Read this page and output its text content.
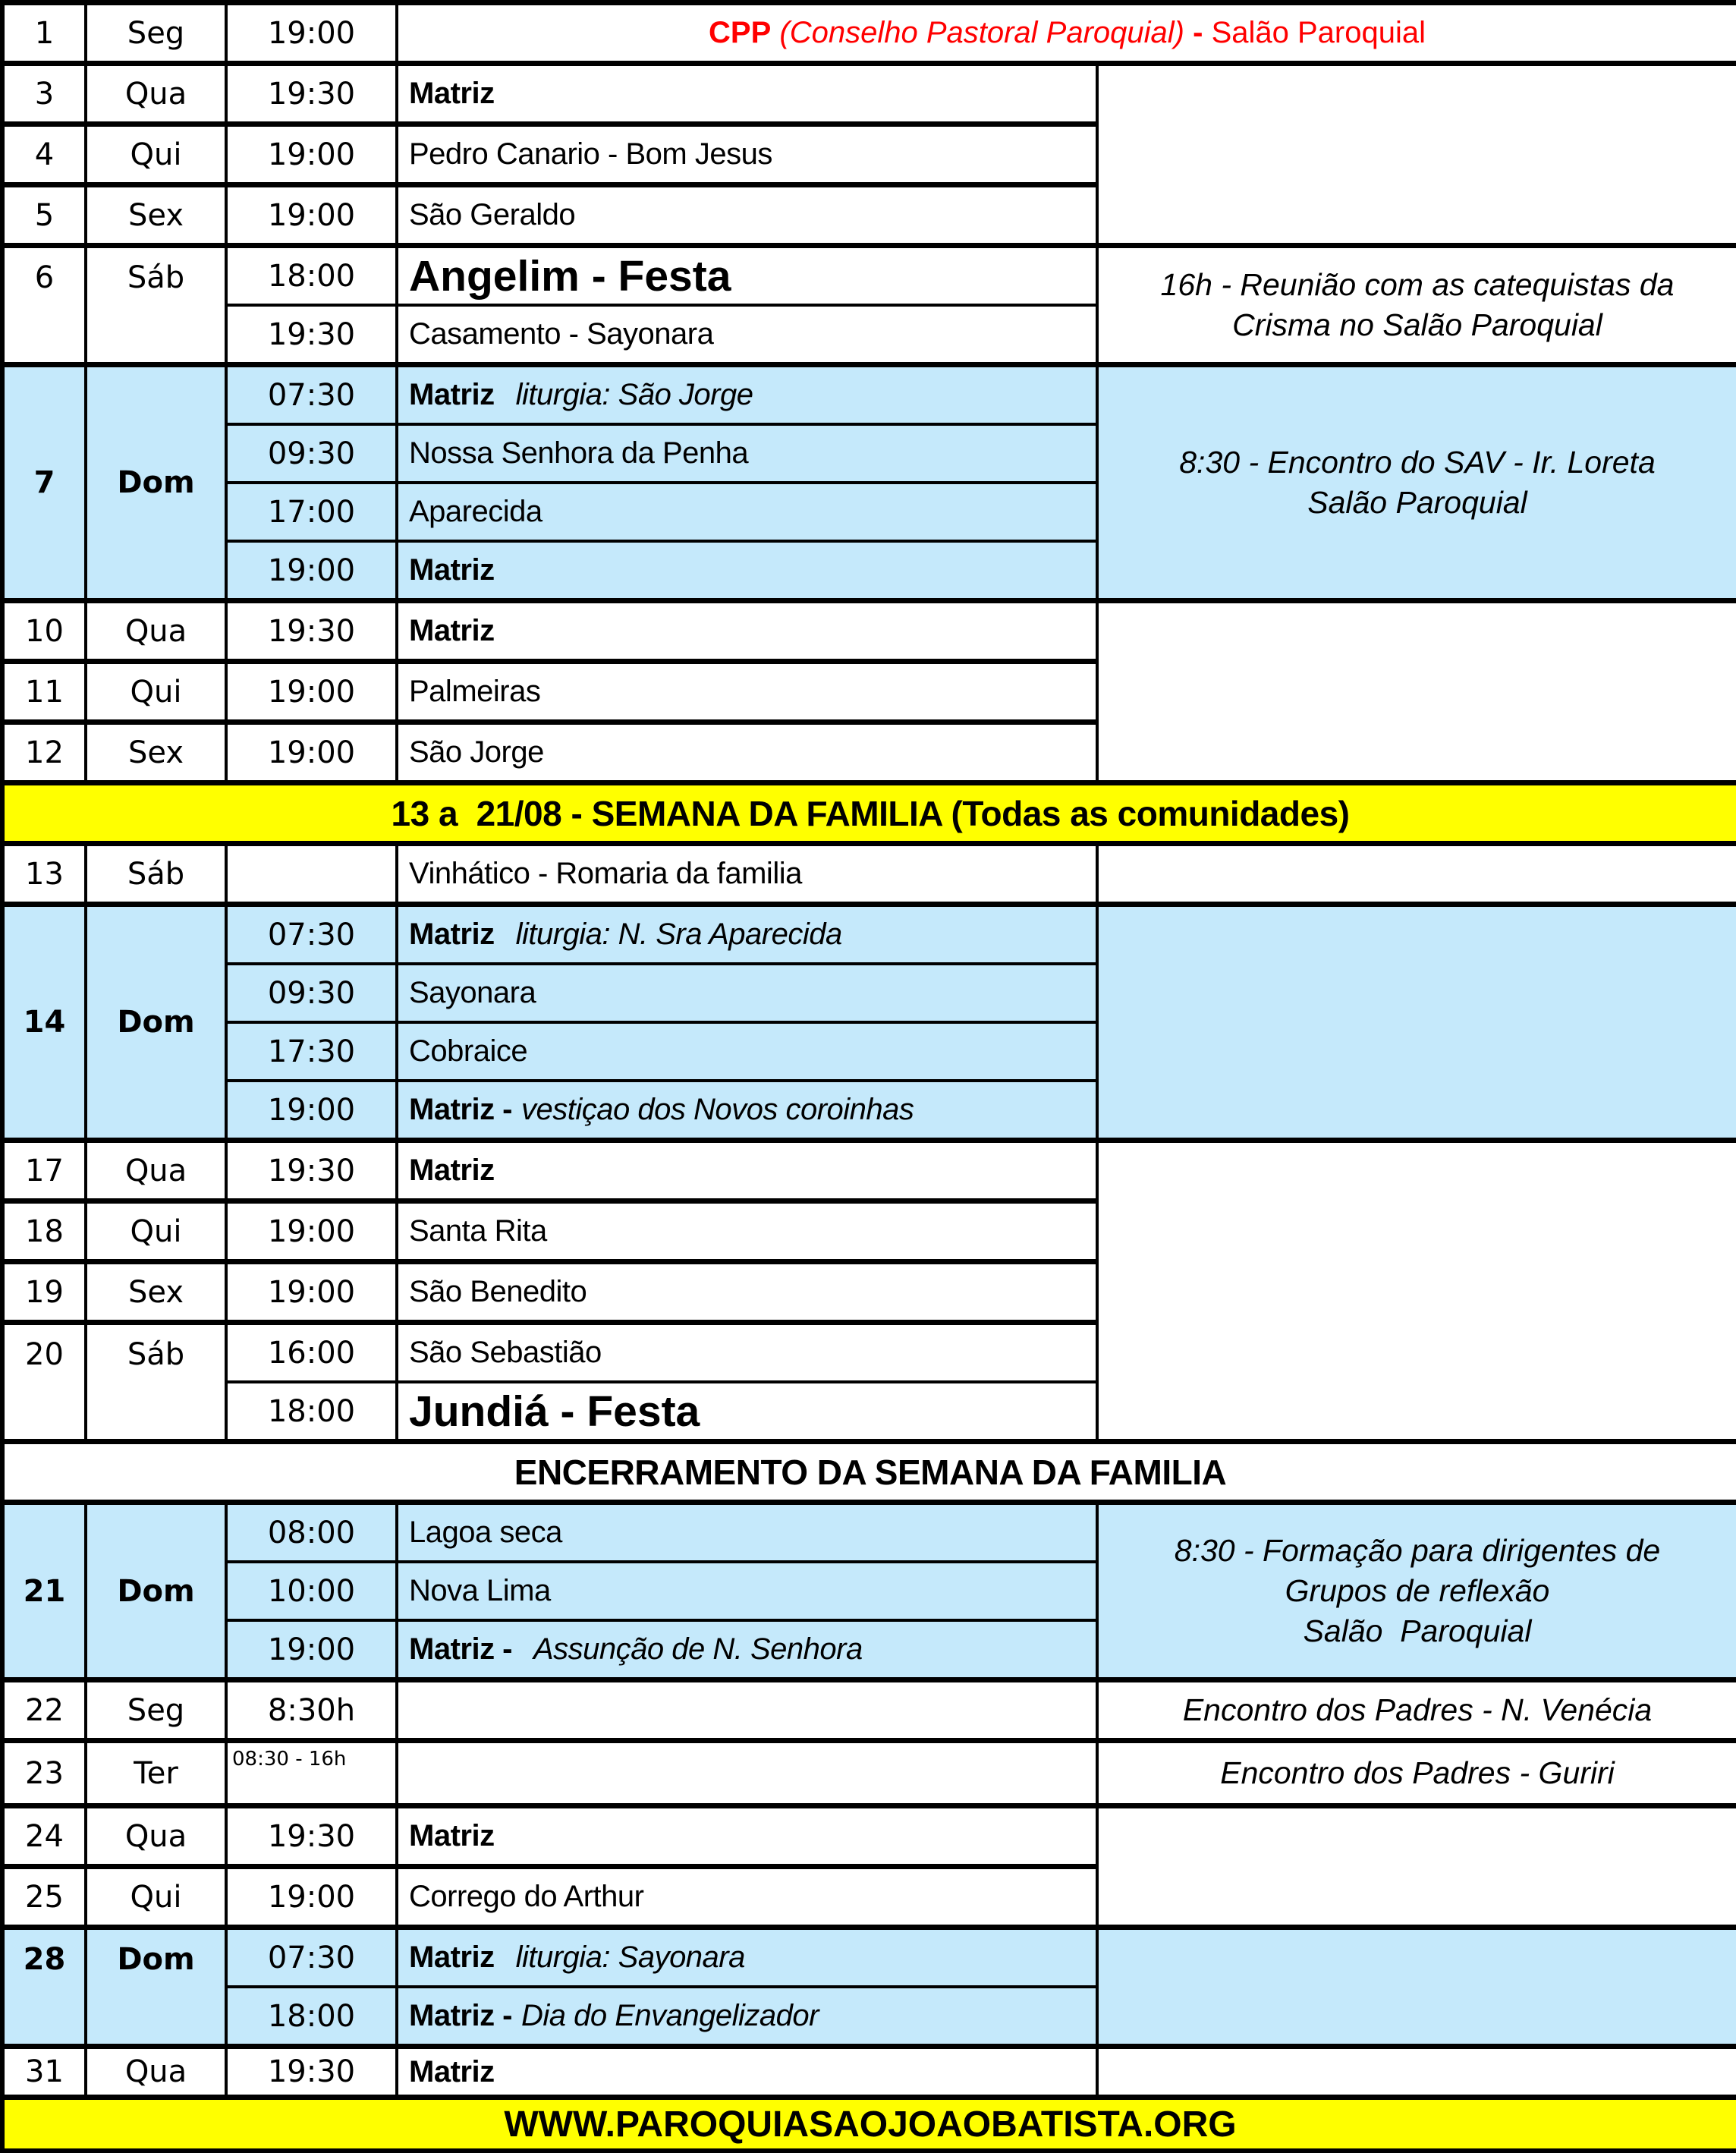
1	Seg	19:00	CPP (Conselho Pastoral Paroquial) - Salão Paroquial	
3	Qua	19:30	Matriz	
4	Qui	19:00	Pedro Canario - Bom Jesus	
5	Sex	19:00	São Geraldo	
6	Sáb	18:00	Angelim - Festa	16h - Reunião com as catequistas da
Crisma no Salão Paroquial

		19:30	Casamento - Sayonara	
7	Dom	07:30	Matriz liturgia: São Jorge	8:30 - Encontro do SAV - Ir. Loreta
Salão Paroquial

		09:30	Nossa Senhora da Penha	
		17:00	Aparecida	
		19:00	Matriz	
10	Qua	19:30	Matriz	
11	Qui	19:00	Palmeiras	
12	Sex	19:00	São Jorge	
13 a  21/08 - SEMANA DA FAMILIA (Todas as comunidades)				
13	Sáb		Vinhático - Romaria da familia	
14	Dom	07:30	Matriz liturgia: N. Sra Aparecida	
		09:30	Sayonara	
		17:30	Cobraice	
		19:00	Matriz - vestiçao dos Novos coroinhas	
17	Qua	19:30	Matriz	
18	Qui	19:00	Santa Rita	
19	Sex	19:00	São Benedito	
20	Sáb	16:00	São Sebastião	
		18:00	Jundiá - Festa	
ENCERRAMENTO DA SEMANA DA FAMILIA				
21	Dom	08:00	Lagoa seca	8:30 - Formação para dirigentes de
Grupos de reflexão
Salão  Paroquial

		10:00	Nova Lima	
		19:00	Matriz - Assunção de N. Senhora	
22	Seg	8:30h		Encontro dos Padres - N. Venécia
23	Ter	08:30 - 16h		Encontro dos Padres - Guriri
24	Qua	19:30	Matriz	
25	Qui	19:00	Corrego do Arthur	
28	Dom	07:30	Matriz liturgia: Sayonara	
		18:00	Matriz - Dia do Envangelizador	
31	Qua	19:30	Matriz	
WWW.PAROQUIASAOJOAOBATISTA.ORG				
